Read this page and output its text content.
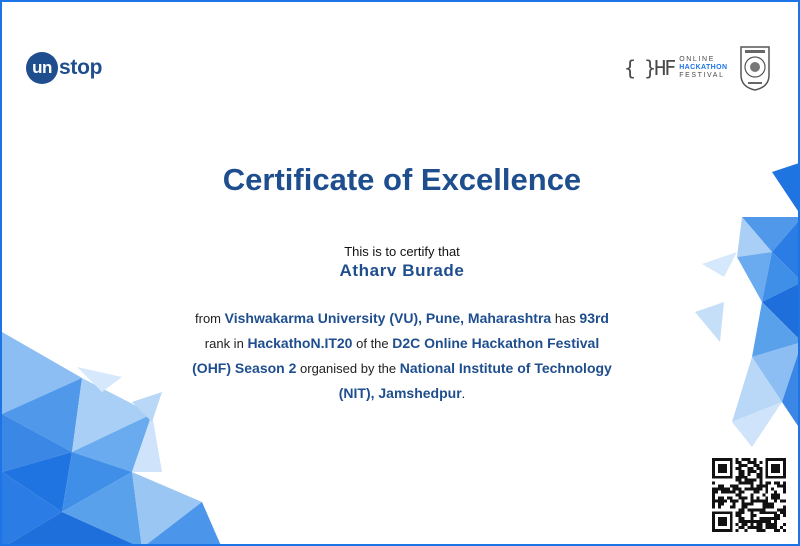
un stop	{ }HF ONLINE
HACKATHON
FESTIVAL
Certificate of Excellence
This is to certify that
Atharv Burade
from Vishwakarma University (VU), Pune, Maharashtra has 93rd rank in HackathoN.IT20 of the D2C Online Hackathon Festival (OHF) Season 2 organised by the National Institute of Technology (NIT), Jamshedpur.
